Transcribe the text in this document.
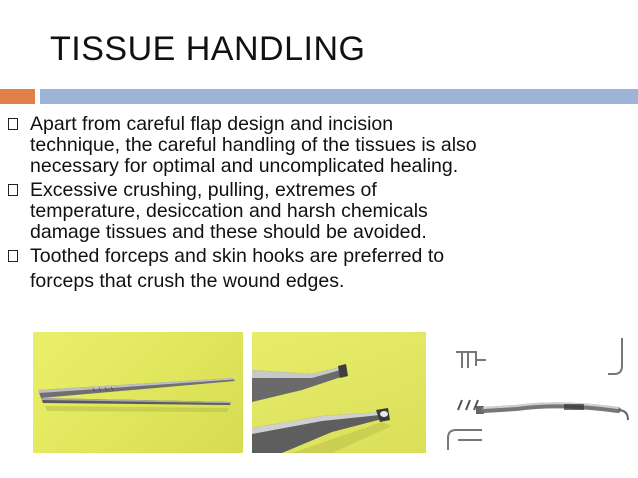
TISSUE HANDLING
Apart from careful flap design and incision
technique, the careful handling of the tissues is also
necessary for optimal and uncomplicated healing.
Excessive crushing, pulling, extremes of
temperature, desiccation and harsh chemicals
damage tissues and these should be avoided.
Toothed forceps and skin hooks are preferred to
forceps that crush the wound edges.
